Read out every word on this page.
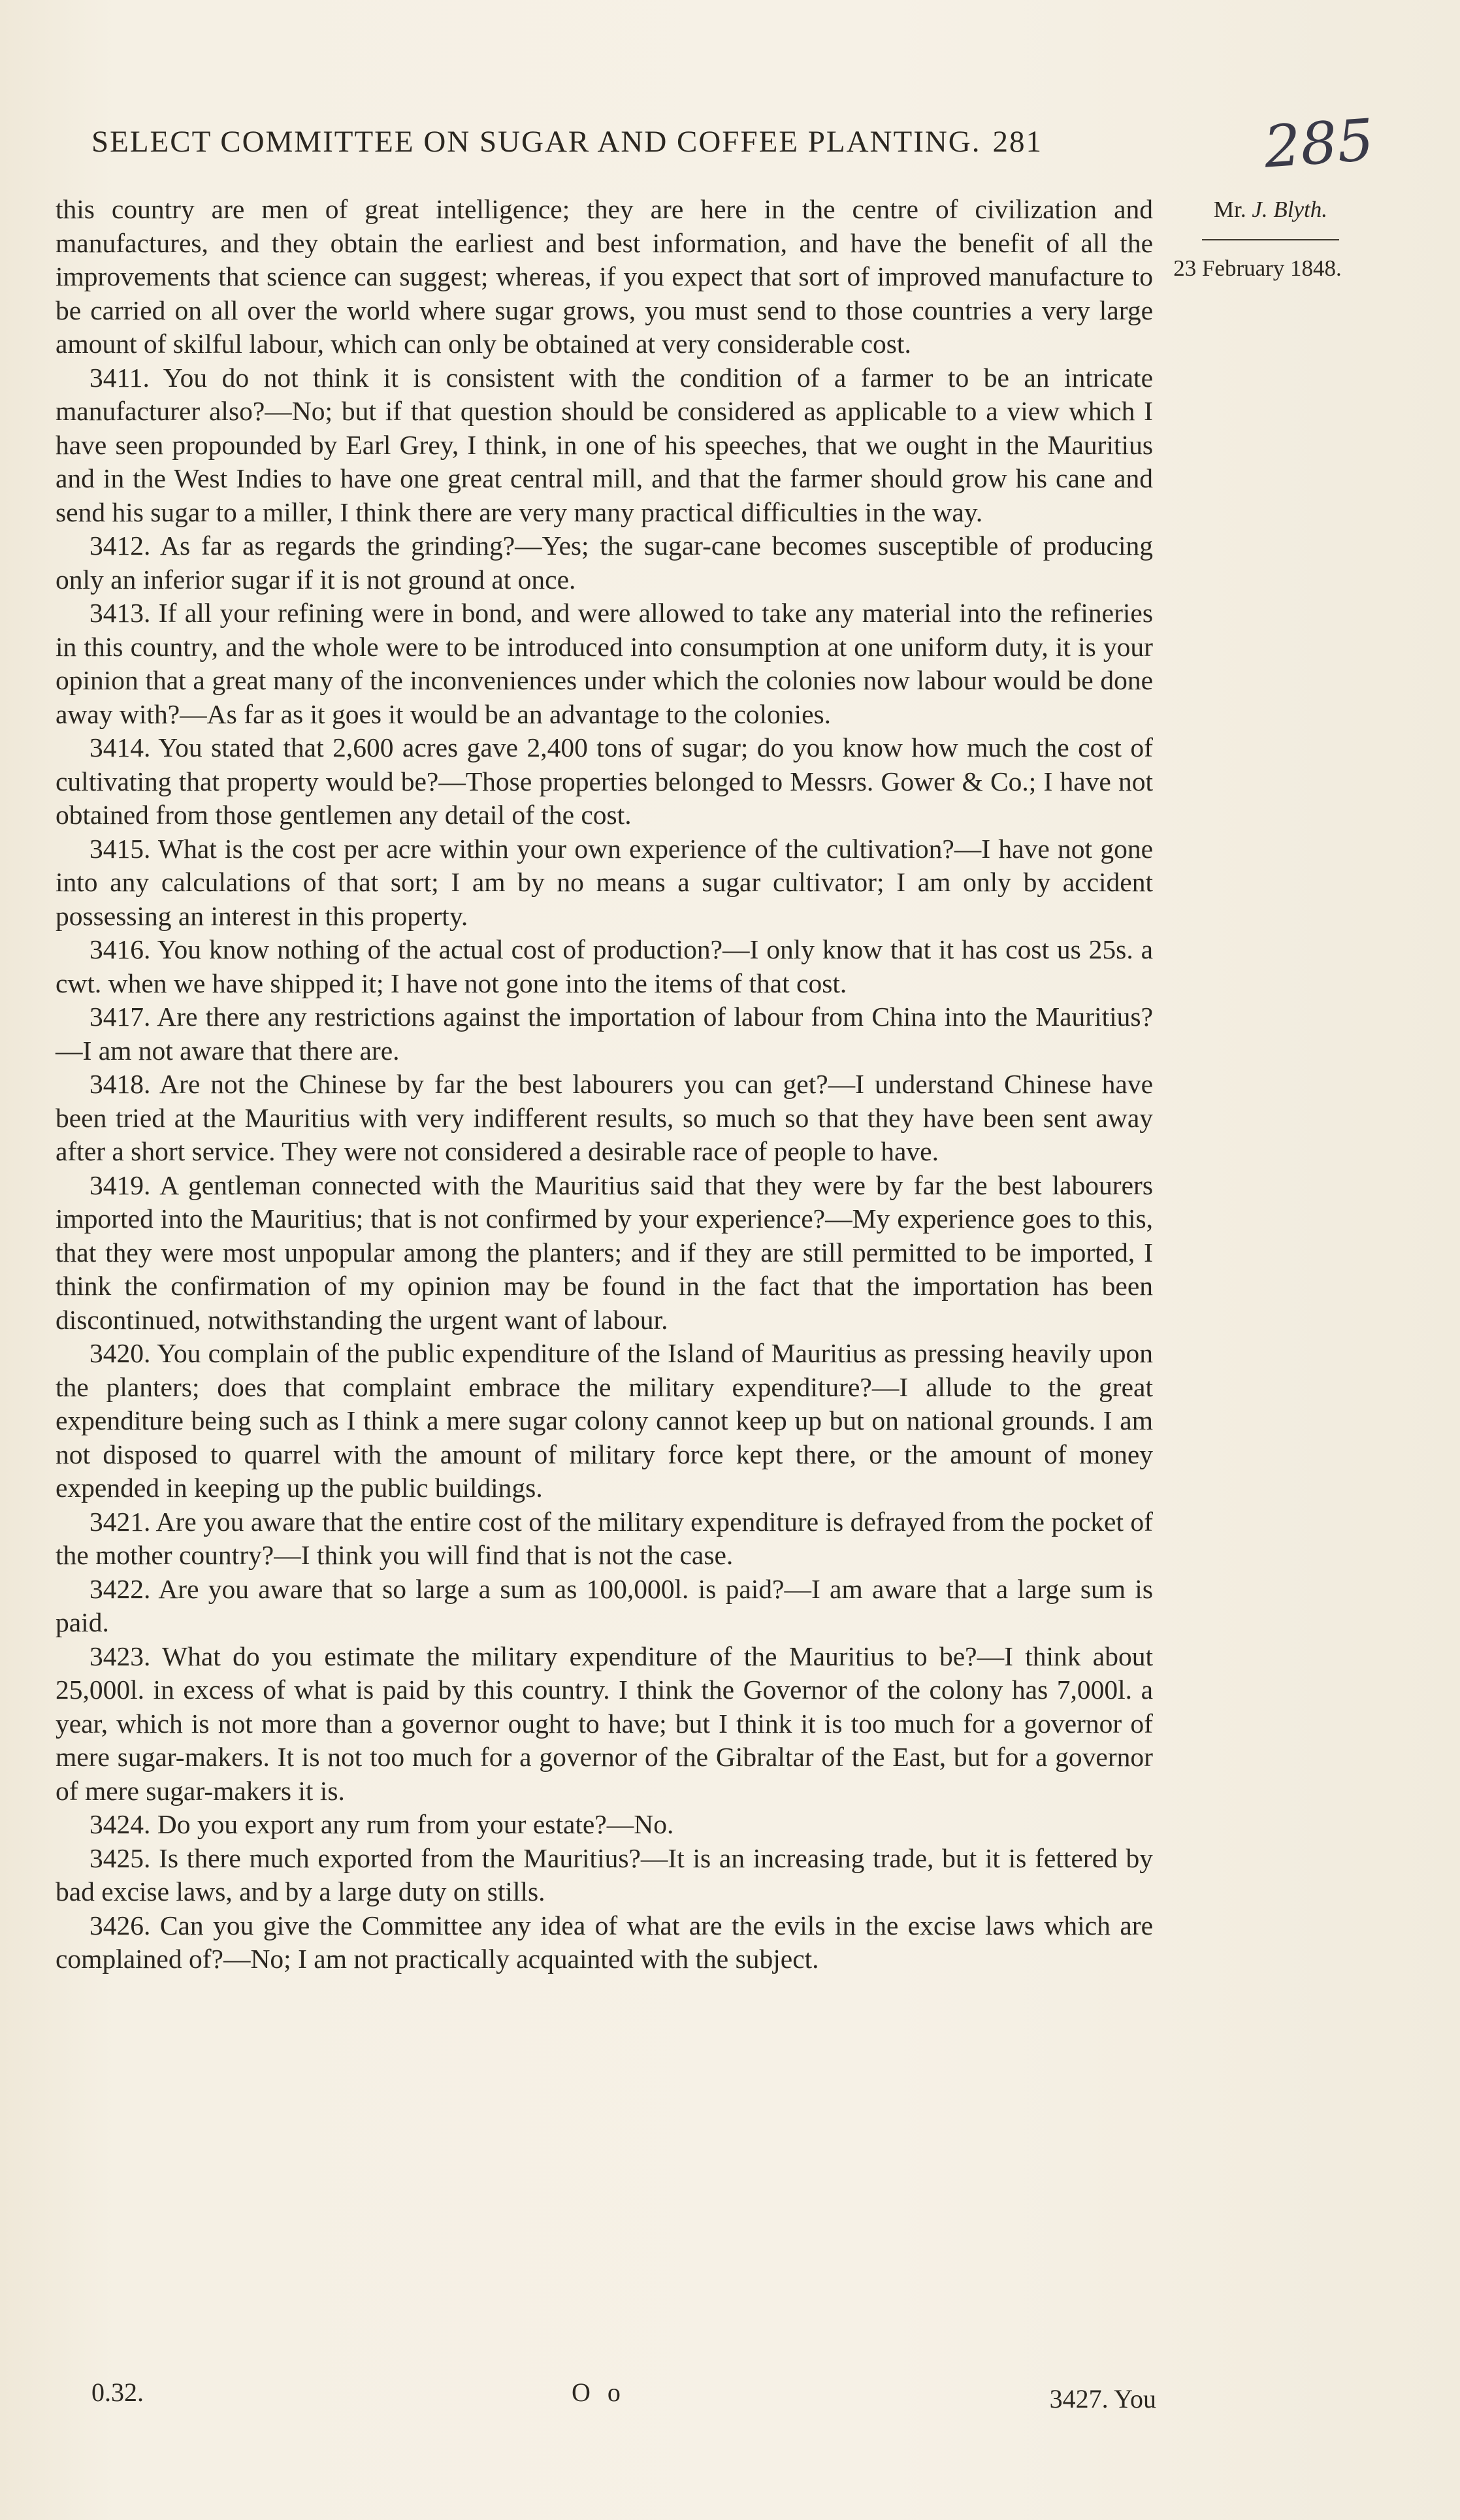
SELECT COMMITTEE ON SUGAR AND COFFEE PLANTING. 281	285
Mr. J. Blyth.
23 February 1848.

this country are men of great intelligence; they are here in the centre of civilization and manufactures, and they obtain the earliest and best information, and have the benefit of all the improvements that science can suggest; whereas, if you expect that sort of improved manufacture to be carried on all over the world where sugar grows, you must send to those countries a very large amount of skilful labour, which can only be obtained at very considerable cost.

3411. You do not think it is consistent with the condition of a farmer to be an intricate manufacturer also?—No; but if that question should be considered as applicable to a view which I have seen propounded by Earl Grey, I think, in one of his speeches, that we ought in the Mauritius and in the West Indies to have one great central mill, and that the farmer should grow his cane and send his sugar to a miller, I think there are very many practical difficulties in the way.

3412. As far as regards the grinding?—Yes; the sugar-cane becomes susceptible of producing only an inferior sugar if it is not ground at once.

3413. If all your refining were in bond, and were allowed to take any material into the refineries in this country, and the whole were to be introduced into consumption at one uniform duty, it is your opinion that a great many of the inconveniences under which the colonies now labour would be done away with?—As far as it goes it would be an advantage to the colonies.

3414. You stated that 2,600 acres gave 2,400 tons of sugar; do you know how much the cost of cultivating that property would be?—Those properties belonged to Messrs. Gower & Co.; I have not obtained from those gentlemen any detail of the cost.

3415. What is the cost per acre within your own experience of the cultivation?—I have not gone into any calculations of that sort; I am by no means a sugar cultivator; I am only by accident possessing an interest in this property.

3416. You know nothing of the actual cost of production?—I only know that it has cost us 25s. a cwt. when we have shipped it; I have not gone into the items of that cost.

3417. Are there any restrictions against the importation of labour from China into the Mauritius?—I am not aware that there are.

3418. Are not the Chinese by far the best labourers you can get?—I understand Chinese have been tried at the Mauritius with very indifferent results, so much so that they have been sent away after a short service. They were not considered a desirable race of people to have.

3419. A gentleman connected with the Mauritius said that they were by far the best labourers imported into the Mauritius; that is not confirmed by your experience?—My experience goes to this, that they were most unpopular among the planters; and if they are still permitted to be imported, I think the confirmation of my opinion may be found in the fact that the importation has been discontinued, notwithstanding the urgent want of labour.

3420. You complain of the public expenditure of the Island of Mauritius as pressing heavily upon the planters; does that complaint embrace the military expenditure?—I allude to the great expenditure being such as I think a mere sugar colony cannot keep up but on national grounds. I am not disposed to quarrel with the amount of military force kept there, or the amount of money expended in keeping up the public buildings.

3421. Are you aware that the entire cost of the military expenditure is defrayed from the pocket of the mother country?—I think you will find that is not the case.

3422. Are you aware that so large a sum as 100,000l. is paid?—I am aware that a large sum is paid.

3423. What do you estimate the military expenditure of the Mauritius to be?—I think about 25,000l. in excess of what is paid by this country. I think the Governor of the colony has 7,000l. a year, which is not more than a governor ought to have; but I think it is too much for a governor of mere sugar-makers. It is not too much for a governor of the Gibraltar of the East, but for a governor of mere sugar-makers it is.

3424. Do you export any rum from your estate?—No.

3425. Is there much exported from the Mauritius?—It is an increasing trade, but it is fettered by bad excise laws, and by a large duty on stills.

3426. Can you give the Committee any idea of what are the evils in the excise laws which are complained of?—No; I am not practically acquainted with the subject.

0.32.	O o	3427. You
